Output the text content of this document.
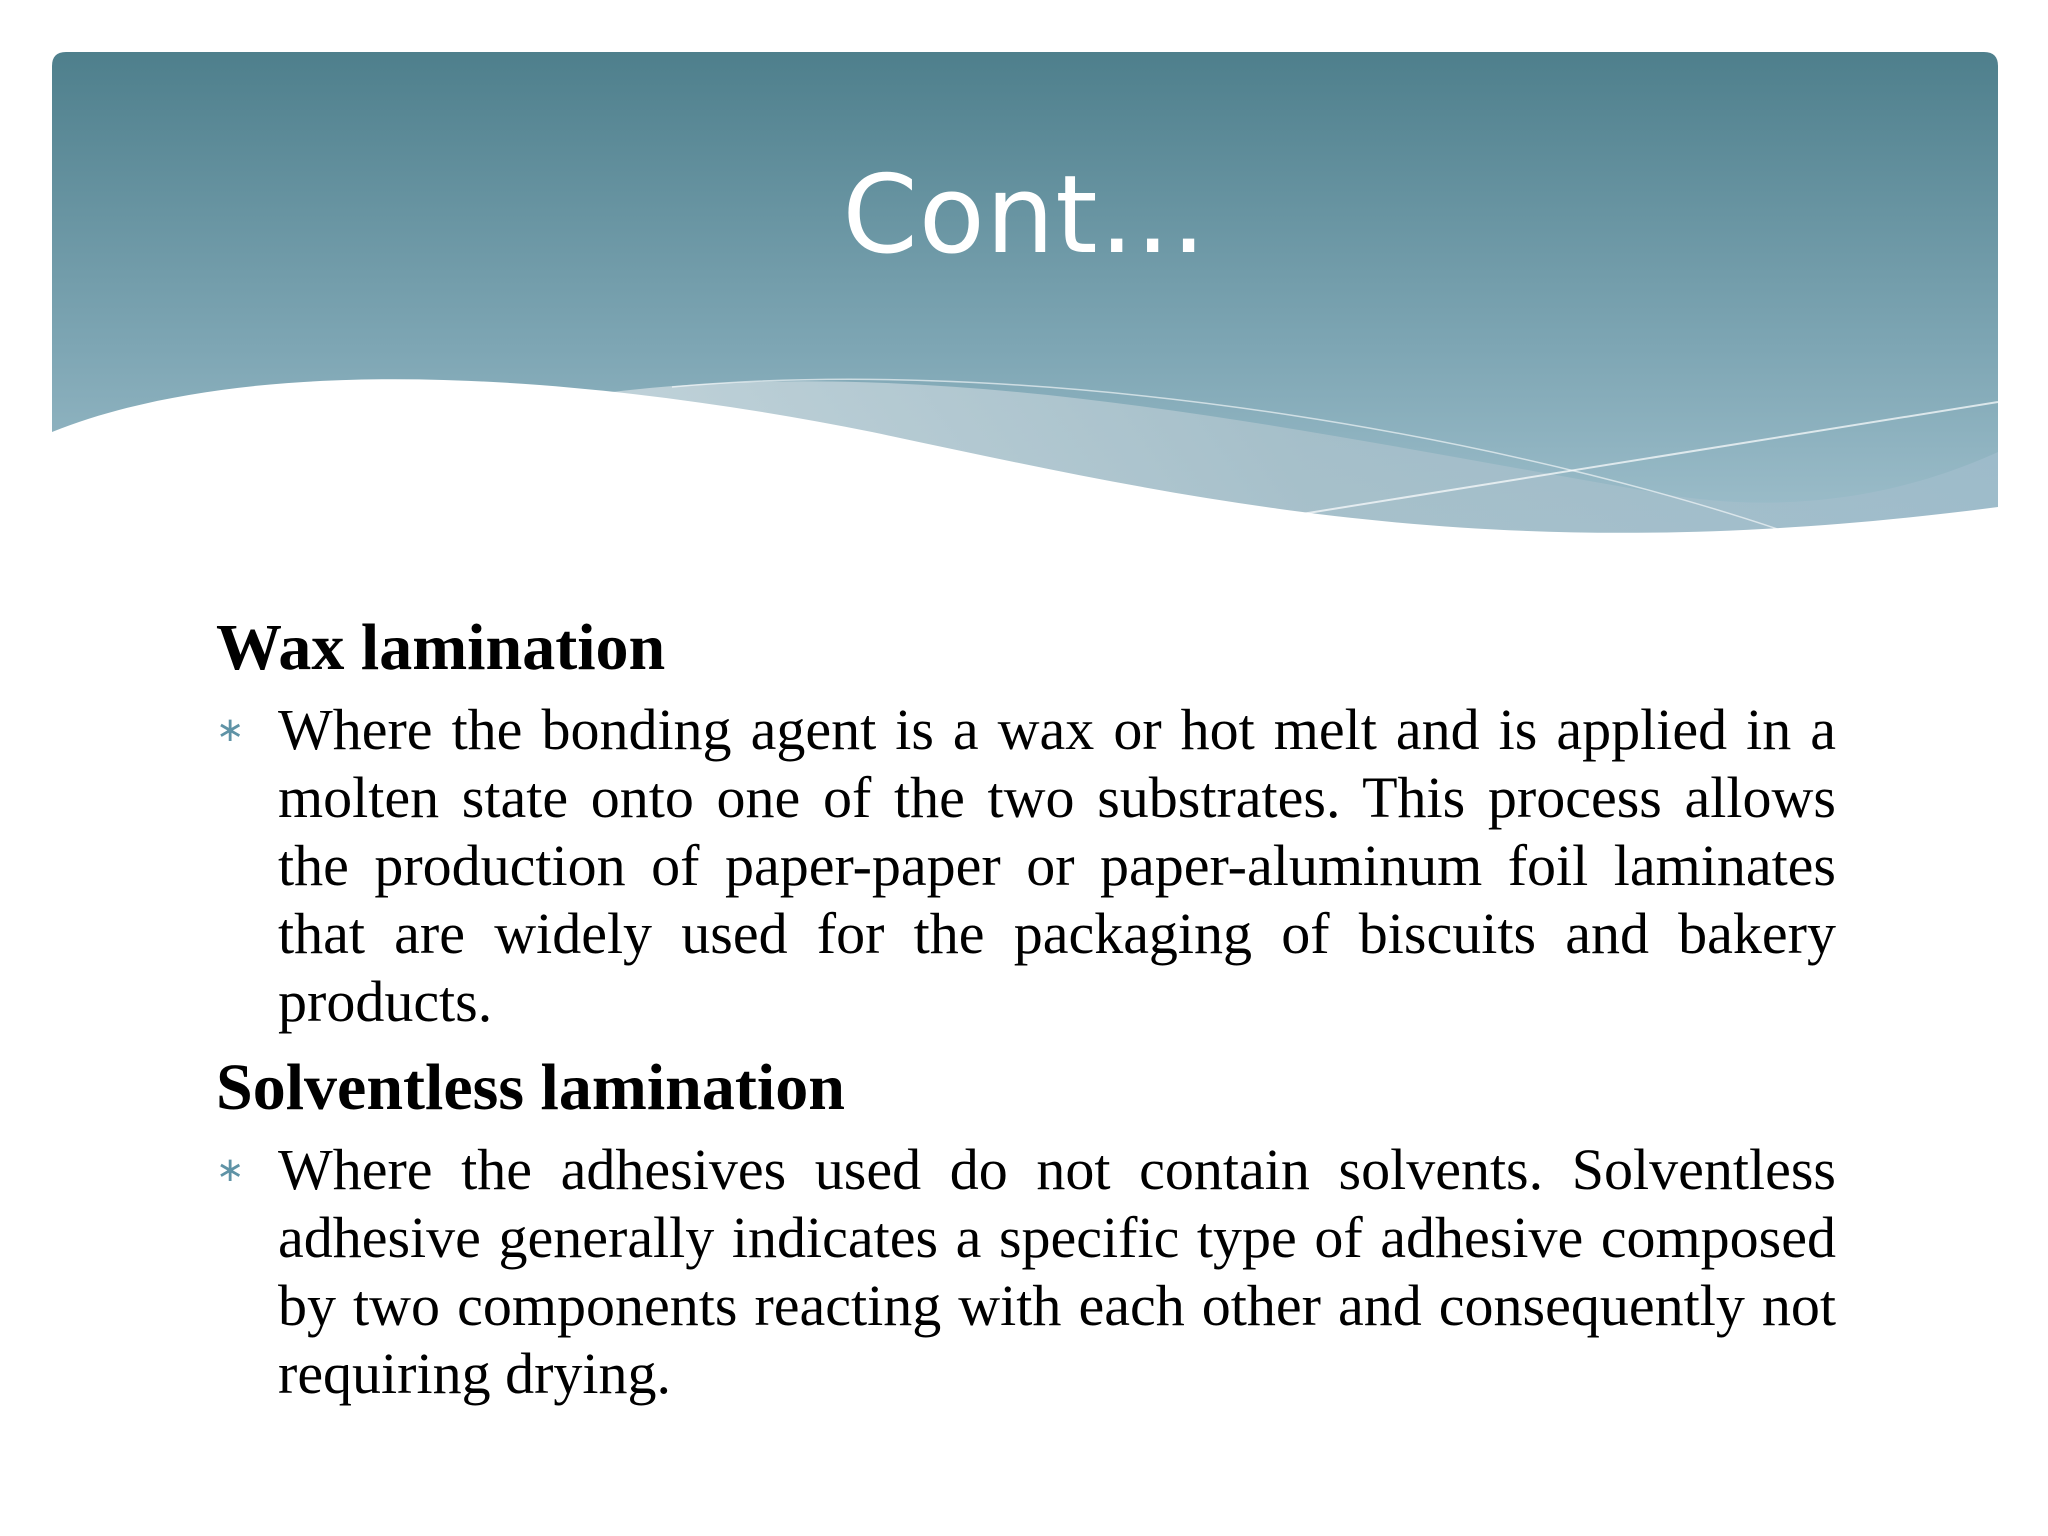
Cont…

Wax lamination

∗ Where the bonding agent is a wax or hot melt and is applied in a molten state onto one of the two substrates. This process allows the production of paper-paper or paper-aluminum foil laminates that are widely used for the packaging of biscuits and bakery products.

Solventless lamination

∗ Where the adhesives used do not contain solvents. Solventless adhesive generally indicates a specific type of adhesive composed by two components reacting with each other and consequently not requiring drying.
